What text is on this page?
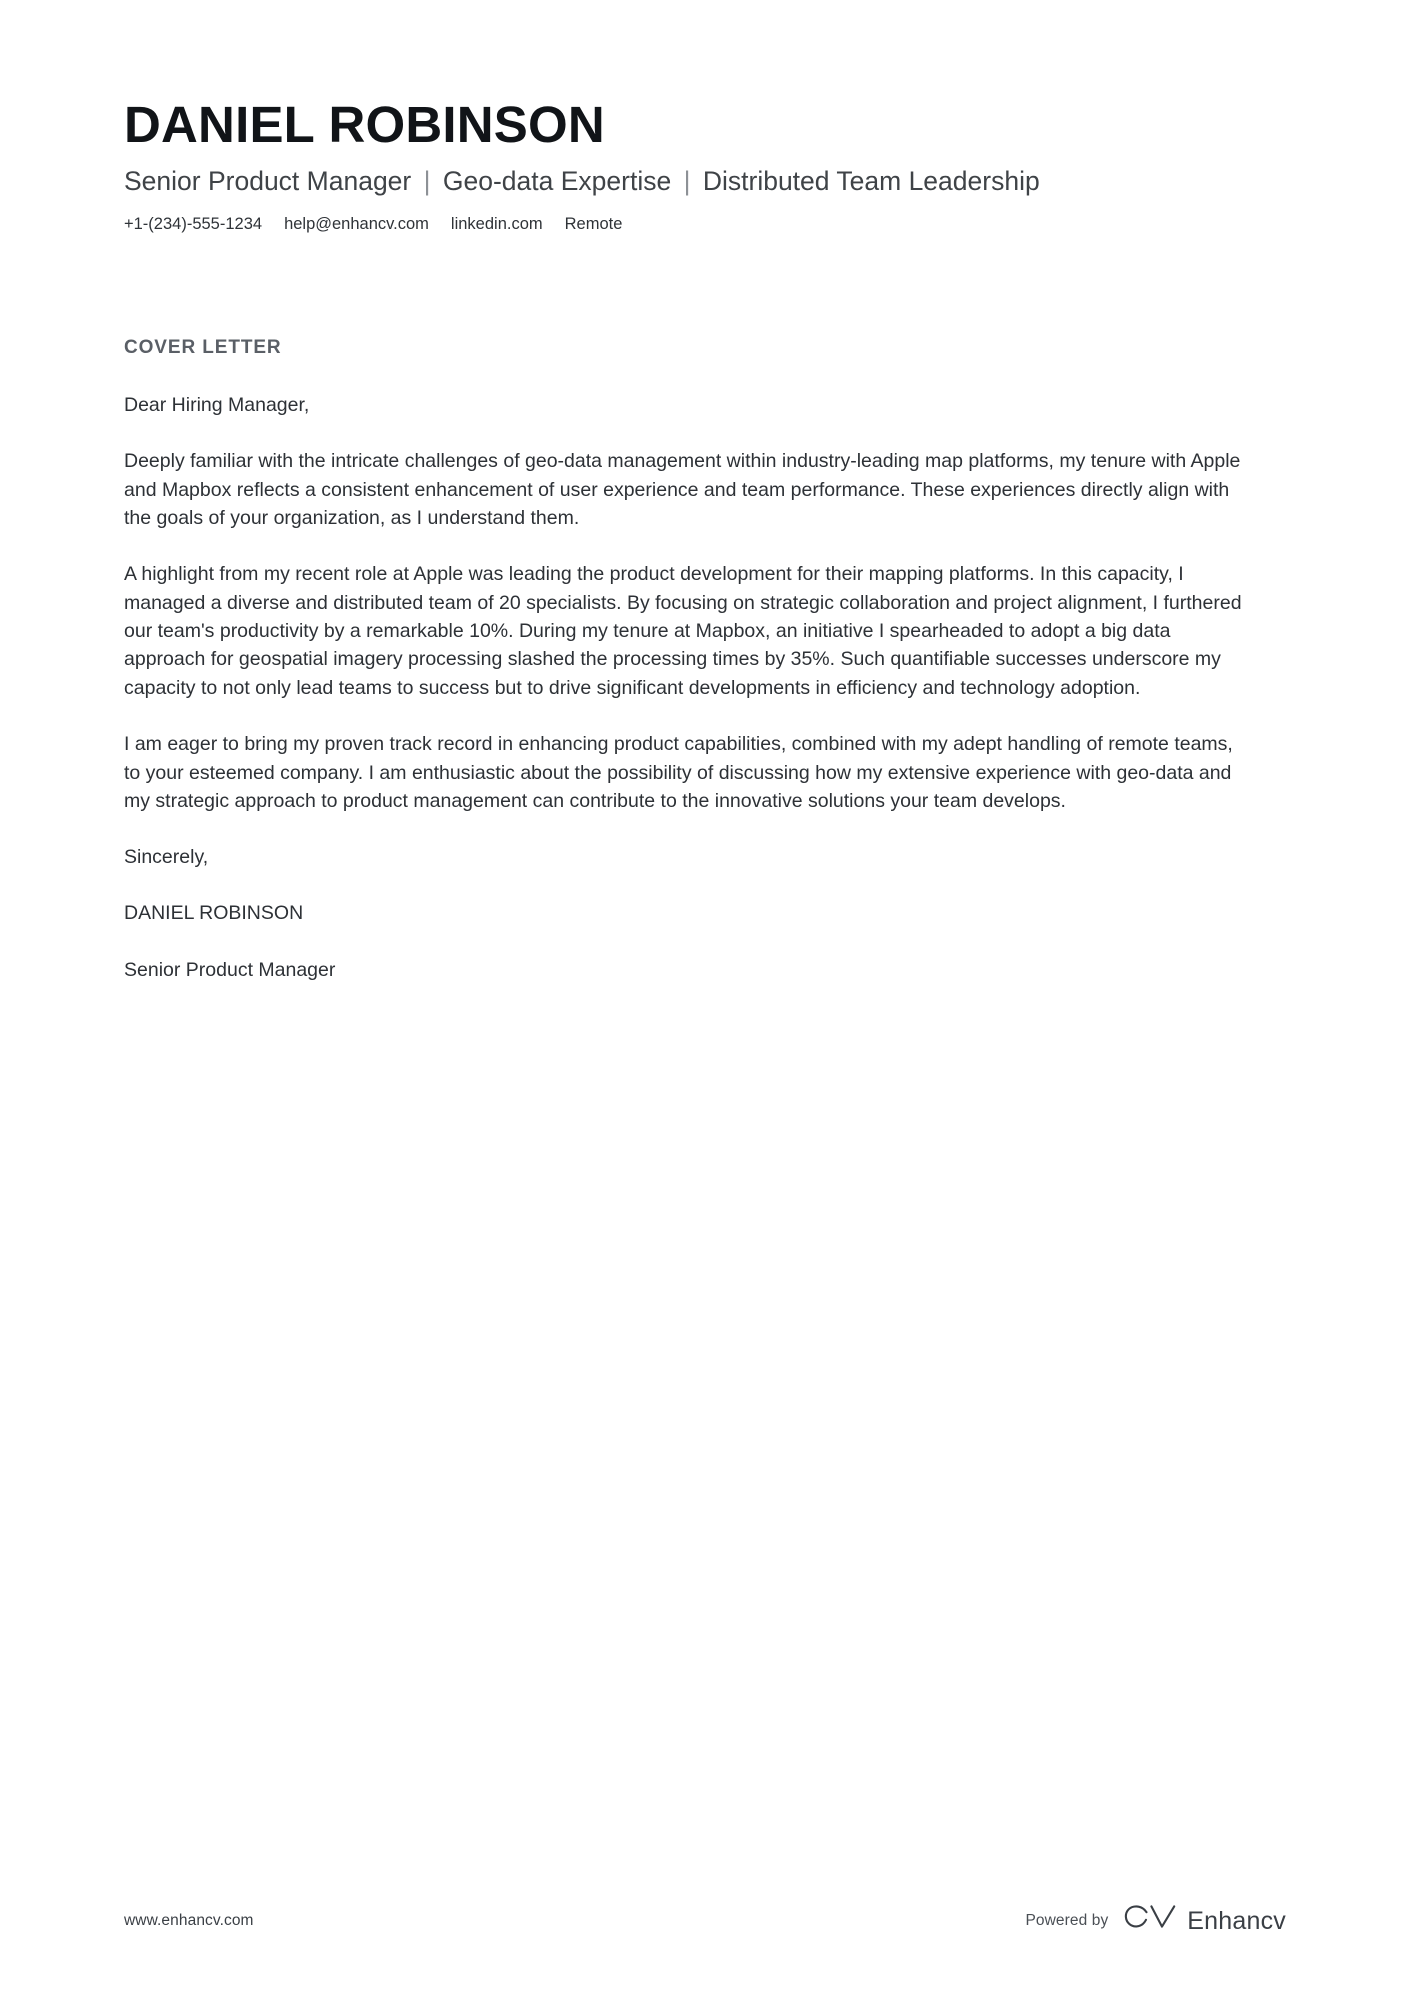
DANIEL ROBINSON
Senior Product Manager | Geo-data Expertise | Distributed Team Leadership
+1-(234)-555-1234 help@enhancv.com linkedin.com Remote
COVER LETTER

Dear Hiring Manager,

Deeply familiar with the intricate challenges of geo-data management within industry-leading map platforms, my tenure with Apple and Mapbox reflects a consistent enhancement of user experience and team performance. These experiences directly align with the goals of your organization, as I understand them.

A highlight from my recent role at Apple was leading the product development for their mapping platforms. In this capacity, I managed a diverse and distributed team of 20 specialists. By focusing on strategic collaboration and project alignment, I furthered our team's productivity by a remarkable 10%. During my tenure at Mapbox, an initiative I spearheaded to adopt a big data approach for geospatial imagery processing slashed the processing times by 35%. Such quantifiable successes underscore my capacity to not only lead teams to success but to drive significant developments in efficiency and technology adoption.

I am eager to bring my proven track record in enhancing product capabilities, combined with my adept handling of remote teams, to your esteemed company. I am enthusiastic about the possibility of discussing how my extensive experience with geo-data and my strategic approach to product management can contribute to the innovative solutions your team develops.

Sincerely,

DANIEL ROBINSON

Senior Product Manager

www.enhancv.com	Powered by	Enhancv
